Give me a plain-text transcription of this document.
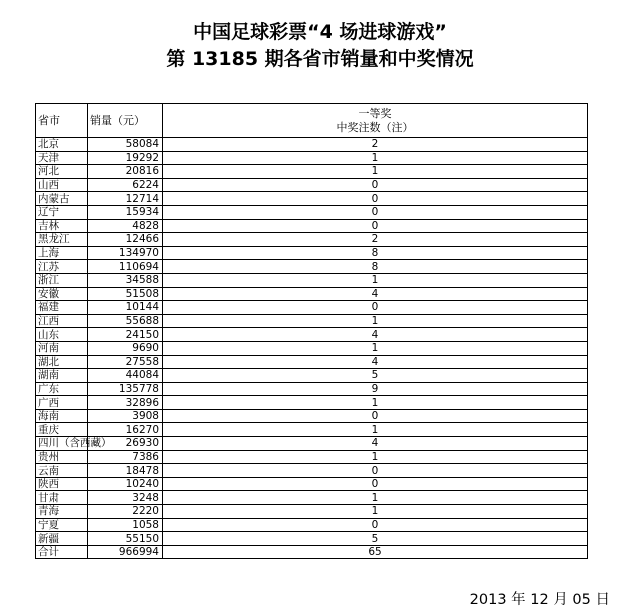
中国足球彩票“4 场进球游戏”
第 13185 期各省市销量和中奖情况
省市	销量（元）	一等奖
中奖注数（注）

北京	58084	2
天津	19292	1
河北	20816	1
山西	6224	0
内蒙古	12714	0
辽宁	15934	0
吉林	4828	0
黑龙江	12466	2
上海	134970	8
江苏	110694	8
浙江	34588	1
安徽	51508	4
福建	10144	0
江西	55688	1
山东	24150	4
河南	9690	1
湖北	27558	4
湖南	44084	5
广东	135778	9
广西	32896	1
海南	3908	0
重庆	16270	1
四川（含西藏）	26930	4
贵州	7386	1
云南	18478	0
陕西	10240	0
甘肃	3248	1
青海	2220	1
宁夏	1058	0
新疆	55150	5
合计	966994	65
2013 年 12 月 05 日
